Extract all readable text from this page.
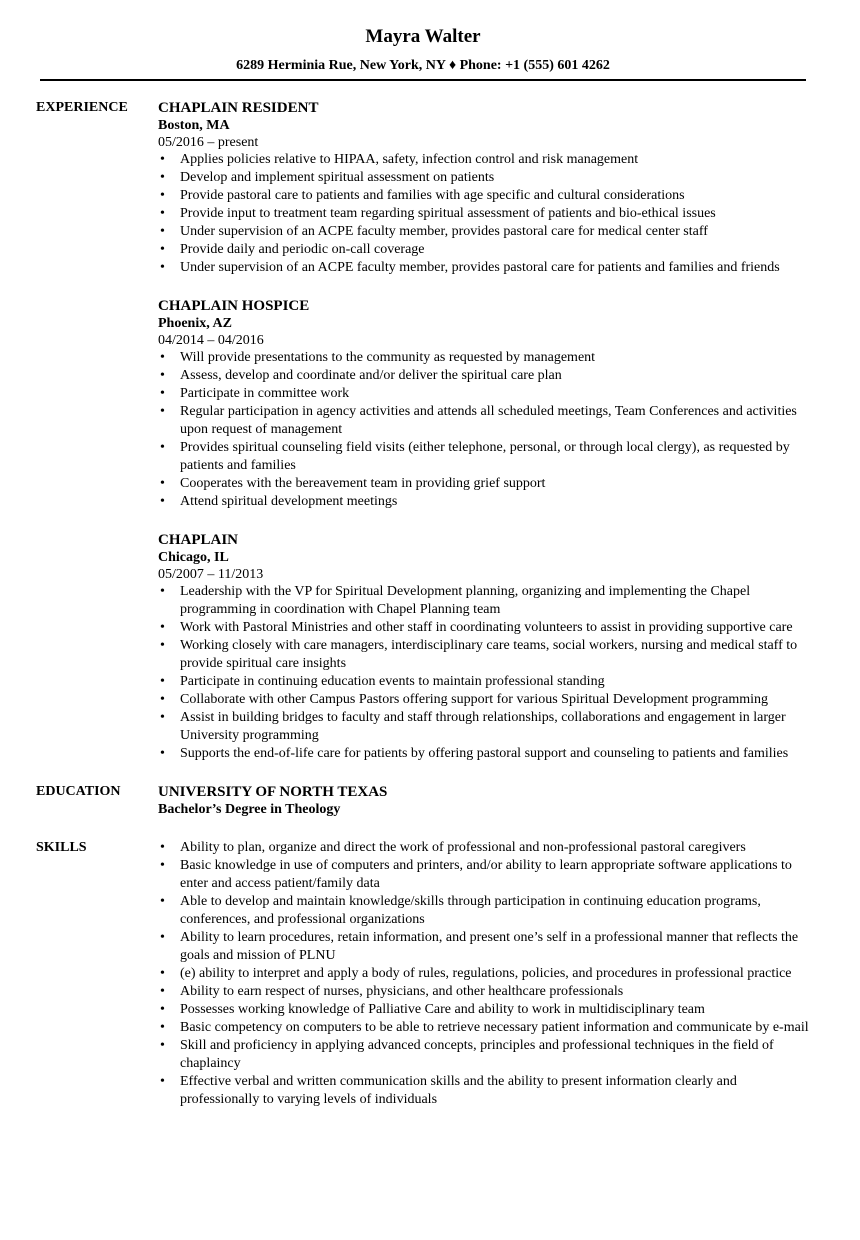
Mayra Walter
6289 Herminia Rue, New York, NY ♦ Phone: +1 (555) 601 4262
EXPERIENCE	CHAPLAIN RESIDENT
Boston, MA
05/2016 – present
• Applies policies relative to HIPAA, safety, infection control and risk management
• Develop and implement spiritual assessment on patients
• Provide pastoral care to patients and families with age specific and cultural considerations
• Provide input to treatment team regarding spiritual assessment of patients and bio-ethical issues
• Under supervision of an ACPE faculty member, provides pastoral care for medical center staff
• Provide daily and periodic on-call coverage
• Under supervision of an ACPE faculty member, provides pastoral care for patients and families and friends
CHAPLAIN HOSPICE
Phoenix, AZ
04/2014 – 04/2016
• Will provide presentations to the community as requested by management
• Assess, develop and coordinate and/or deliver the spiritual care plan
• Participate in committee work
• Regular participation in agency activities and attends all scheduled meetings, Team Conferences and activities upon request of management
• Provides spiritual counseling field visits (either telephone, personal, or through local clergy), as requested by patients and families
• Cooperates with the bereavement team in providing grief support
• Attend spiritual development meetings
CHAPLAIN
Chicago, IL
05/2007 – 11/2013
• Leadership with the VP for Spiritual Development planning, organizing and implementing the Chapel programming in coordination with Chapel Planning team
• Work with Pastoral Ministries and other staff in coordinating volunteers to assist in providing supportive care
• Working closely with care managers, interdisciplinary care teams, social workers, nursing and medical staff to provide spiritual care insights
• Participate in continuing education events to maintain professional standing
• Collaborate with other Campus Pastors offering support for various Spiritual Development programming
• Assist in building bridges to faculty and staff through relationships, collaborations and engagement in larger University programming
• Supports the end-of-life care for patients by offering pastoral support and counseling to patients and families
EDUCATION	UNIVERSITY OF NORTH TEXAS
Bachelor’s Degree in Theology
SKILLS
•	Ability to plan, organize and direct the work of professional and non-professional pastoral caregivers
• Basic knowledge in use of computers and printers, and/or ability to learn appropriate software applications to enter and access patient/family data
• Able to develop and maintain knowledge/skills through participation in continuing education programs, conferences, and professional organizations
• Ability to learn procedures, retain information, and present one’s self in a professional manner that reflects the goals and mission of PLNU
• (e) ability to interpret and apply a body of rules, regulations, policies, and procedures in professional practice
• Ability to earn respect of nurses, physicians, and other healthcare professionals
• Possesses working knowledge of Palliative Care and ability to work in multidisciplinary team
• Basic competency on computers to be able to retrieve necessary patient information and communicate by e-mail
• Skill and proficiency in applying advanced concepts, principles and professional techniques in the field of chaplaincy
• Effective verbal and written communication skills and the ability to present information clearly and professionally to varying levels of individuals
